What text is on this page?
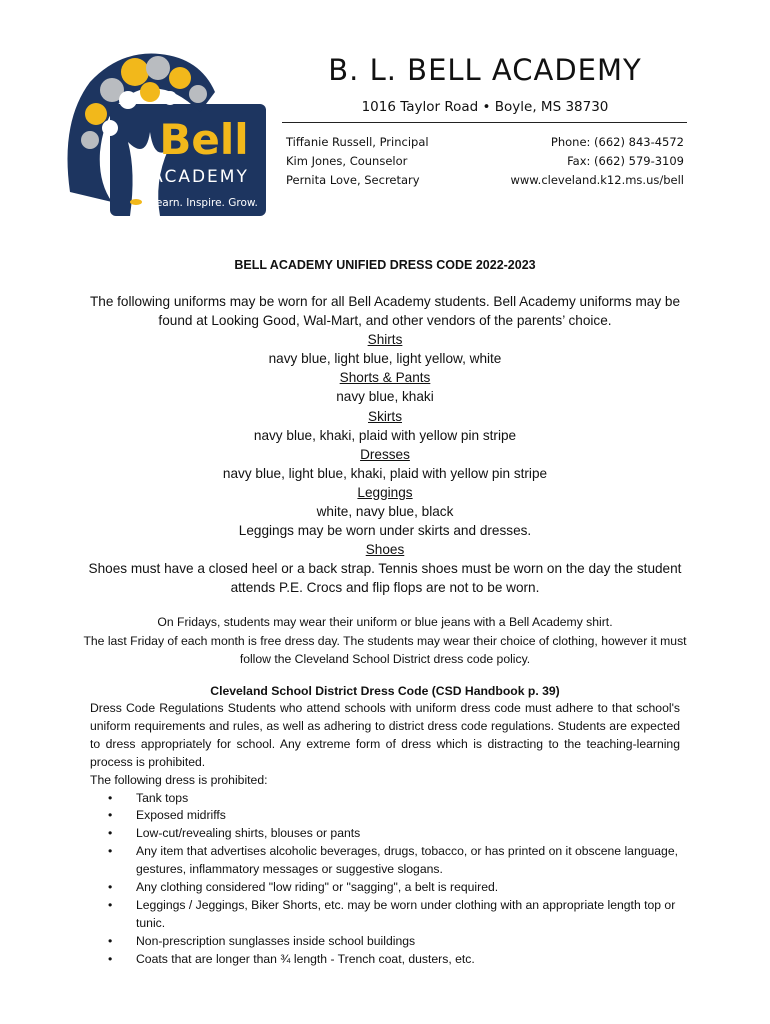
Bell
ACADEMY
Learn. Inspire. Grow.
B. L. BELL ACADEMY
1016 Taylor Road • Boyle, MS 38730
Tiffanie Russell, Principal
Kim Jones, Counselor
Pernita Love, Secretary
Phone: (662) 843-4572
Fax: (662) 579-3109
www.cleveland.k12.ms.us/bell
BELL ACADEMY UNIFIED DRESS CODE 2022-2023

The following uniforms may be worn for all Bell Academy students. Bell Academy uniforms may be found at Looking Good, Wal-Mart, and other vendors of the parents’ choice.

Shirts

navy blue, light blue, light yellow, white

Shorts & Pants

navy blue, khaki

Skirts

navy blue, khaki, plaid with yellow pin stripe

Dresses

navy blue, light blue, khaki, plaid with yellow pin stripe

Leggings

white, navy blue, black

Leggings may be worn under skirts and dresses.

Shoes

Shoes must have a closed heel or a back strap. Tennis shoes must be worn on the day the student attends P.E. Crocs and flip flops are not to be worn.

On Fridays, students may wear their uniform or blue jeans with a Bell Academy shirt.

The last Friday of each month is free dress day. The students may wear their choice of clothing, however it must follow the Cleveland School District dress code policy.

Cleveland School District Dress Code (CSD Handbook p. 39)

Dress Code Regulations Students who attend schools with uniform dress code must adhere to that school's uniform requirements and rules, as well as adhering to district dress code regulations. Students are expected to dress appropriately for school. Any extreme form of dress which is distracting to the teaching-learning process is prohibited.

The following dress is prohibited:

• Tank tops
• Exposed midriffs
• Low-cut/revealing shirts, blouses or pants
• Any item that advertises alcoholic beverages, drugs, tobacco, or has printed on it obscene language, gestures, inflammatory messages or suggestive slogans.
• Any clothing considered "low riding" or "sagging", a belt is required.
• Leggings / Jeggings, Biker Shorts, etc. may be worn under clothing with an appropriate length top or tunic.
• Non-prescription sunglasses inside school buildings
• Coats that are longer than ¾ length - Trench coat, dusters, etc.
